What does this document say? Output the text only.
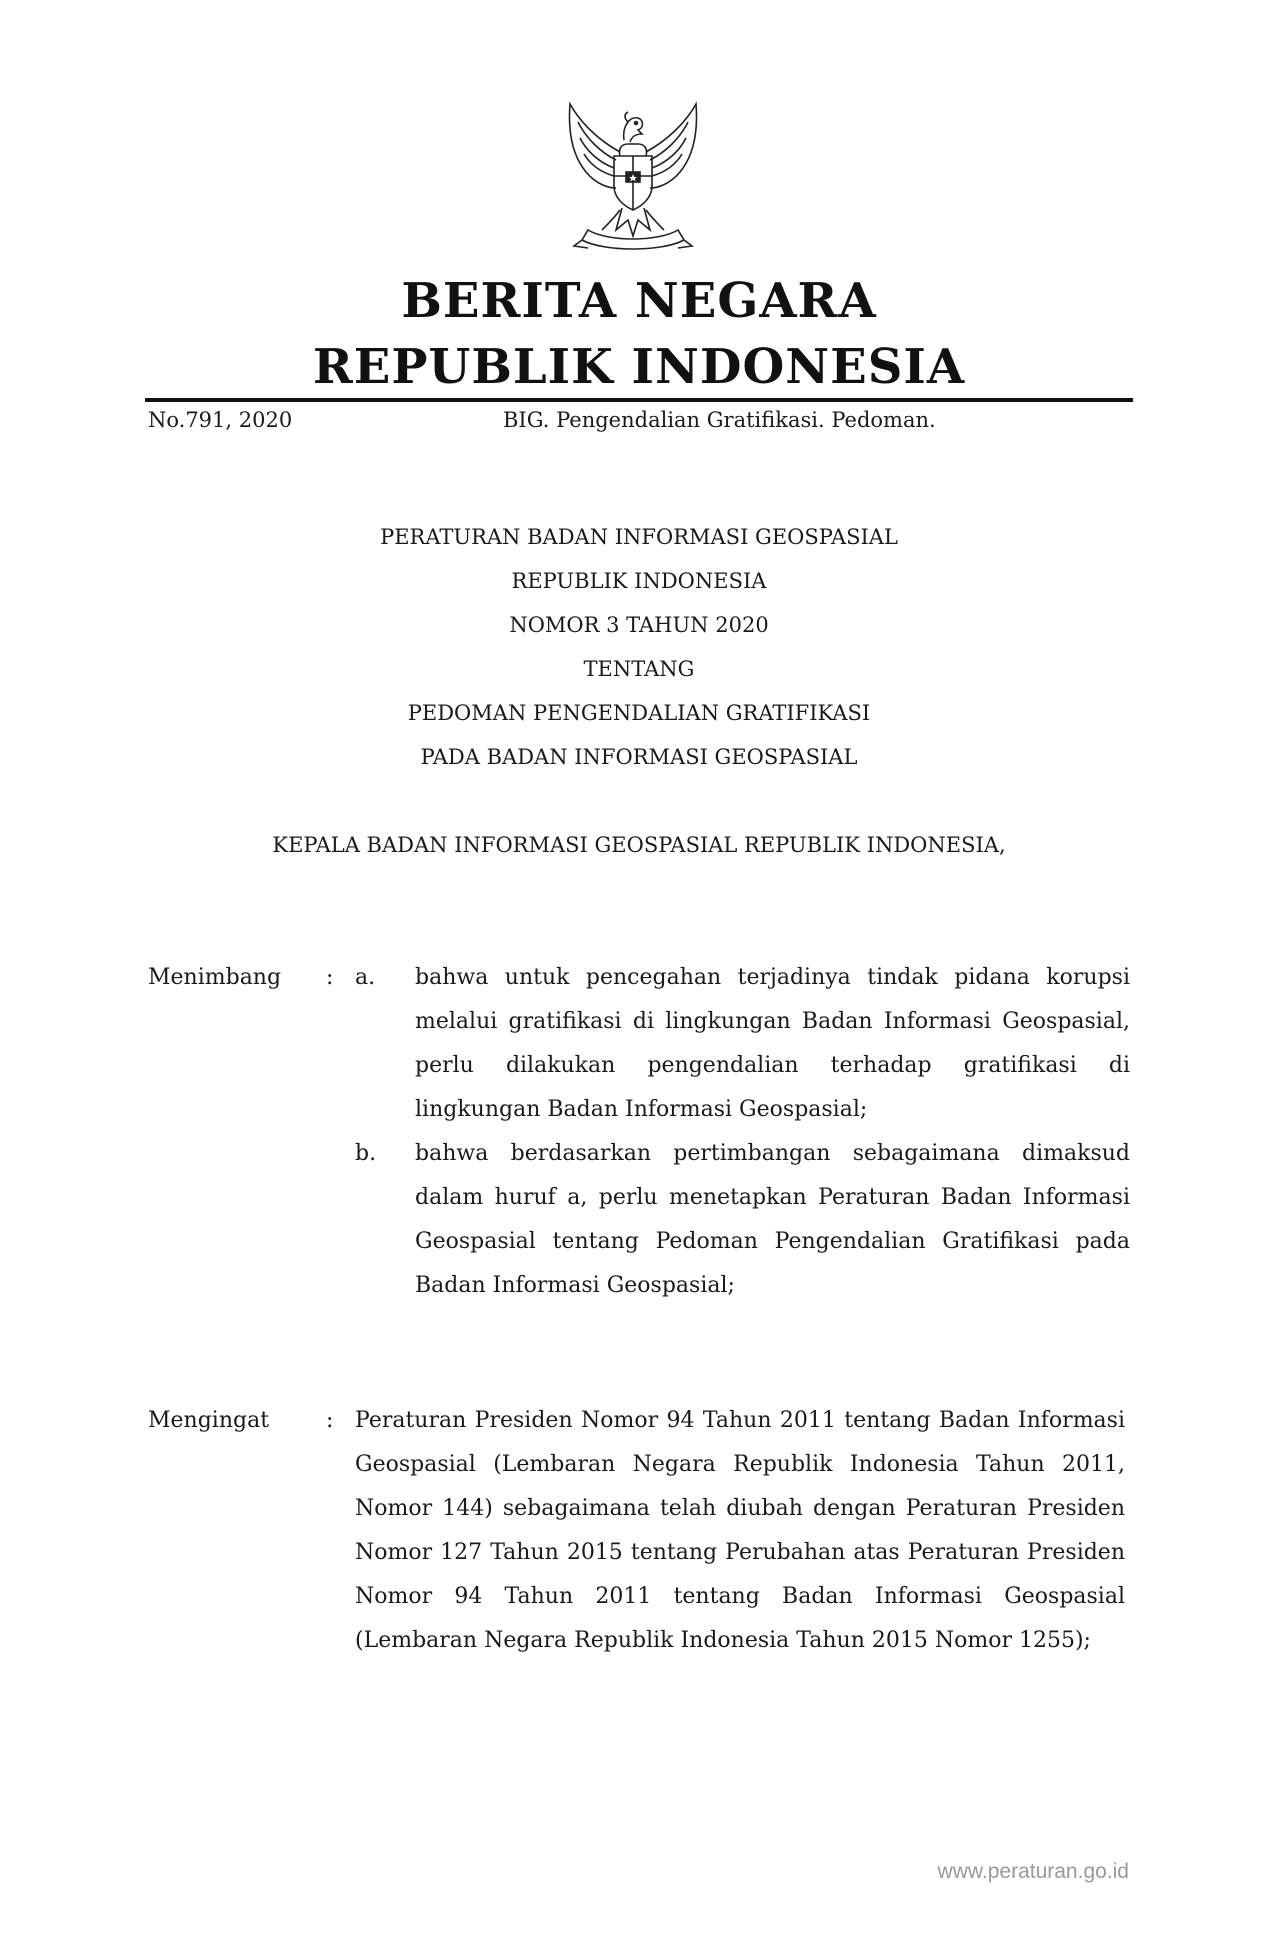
BERITA NEGARA
REPUBLIK INDONESIA
No.791, 2020	BIG. Pengendalian Gratifikasi. Pedoman.
PERATURAN BADAN INFORMASI GEOSPASIAL
REPUBLIK INDONESIA
NOMOR 3 TAHUN 2020
TENTANG
PEDOMAN PENGENDALIAN GRATIFIKASI
PADA BADAN INFORMASI GEOSPASIAL
KEPALA BADAN INFORMASI GEOSPASIAL REPUBLIK INDONESIA,
Menimbang : a. bahwa untuk pencegahan terjadinya tindak pidana korupsi melalui gratifikasi di lingkungan Badan Informasi Geospasial, perlu dilakukan pengendalian terhadap gratifikasi di lingkungan Badan Informasi Geospasial;
b. bahwa berdasarkan pertimbangan sebagaimana dimaksud dalam huruf a, perlu menetapkan Peraturan Badan Informasi Geospasial tentang Pedoman Pengendalian Gratifikasi pada Badan Informasi Geospasial;
Mengingat	: Peraturan Presiden Nomor 94 Tahun 2011 tentang Badan Informasi Geospasial (Lembaran Negara Republik Indonesia Tahun 2011, Nomor 144) sebagaimana telah diubah dengan Peraturan Presiden Nomor 127 Tahun 2015 tentang Perubahan atas Peraturan Presiden Nomor 94 Tahun 2011 tentang Badan Informasi Geospasial (Lembaran Negara Republik Indonesia Tahun 2015 Nomor 1255);
www.peraturan.go.id
